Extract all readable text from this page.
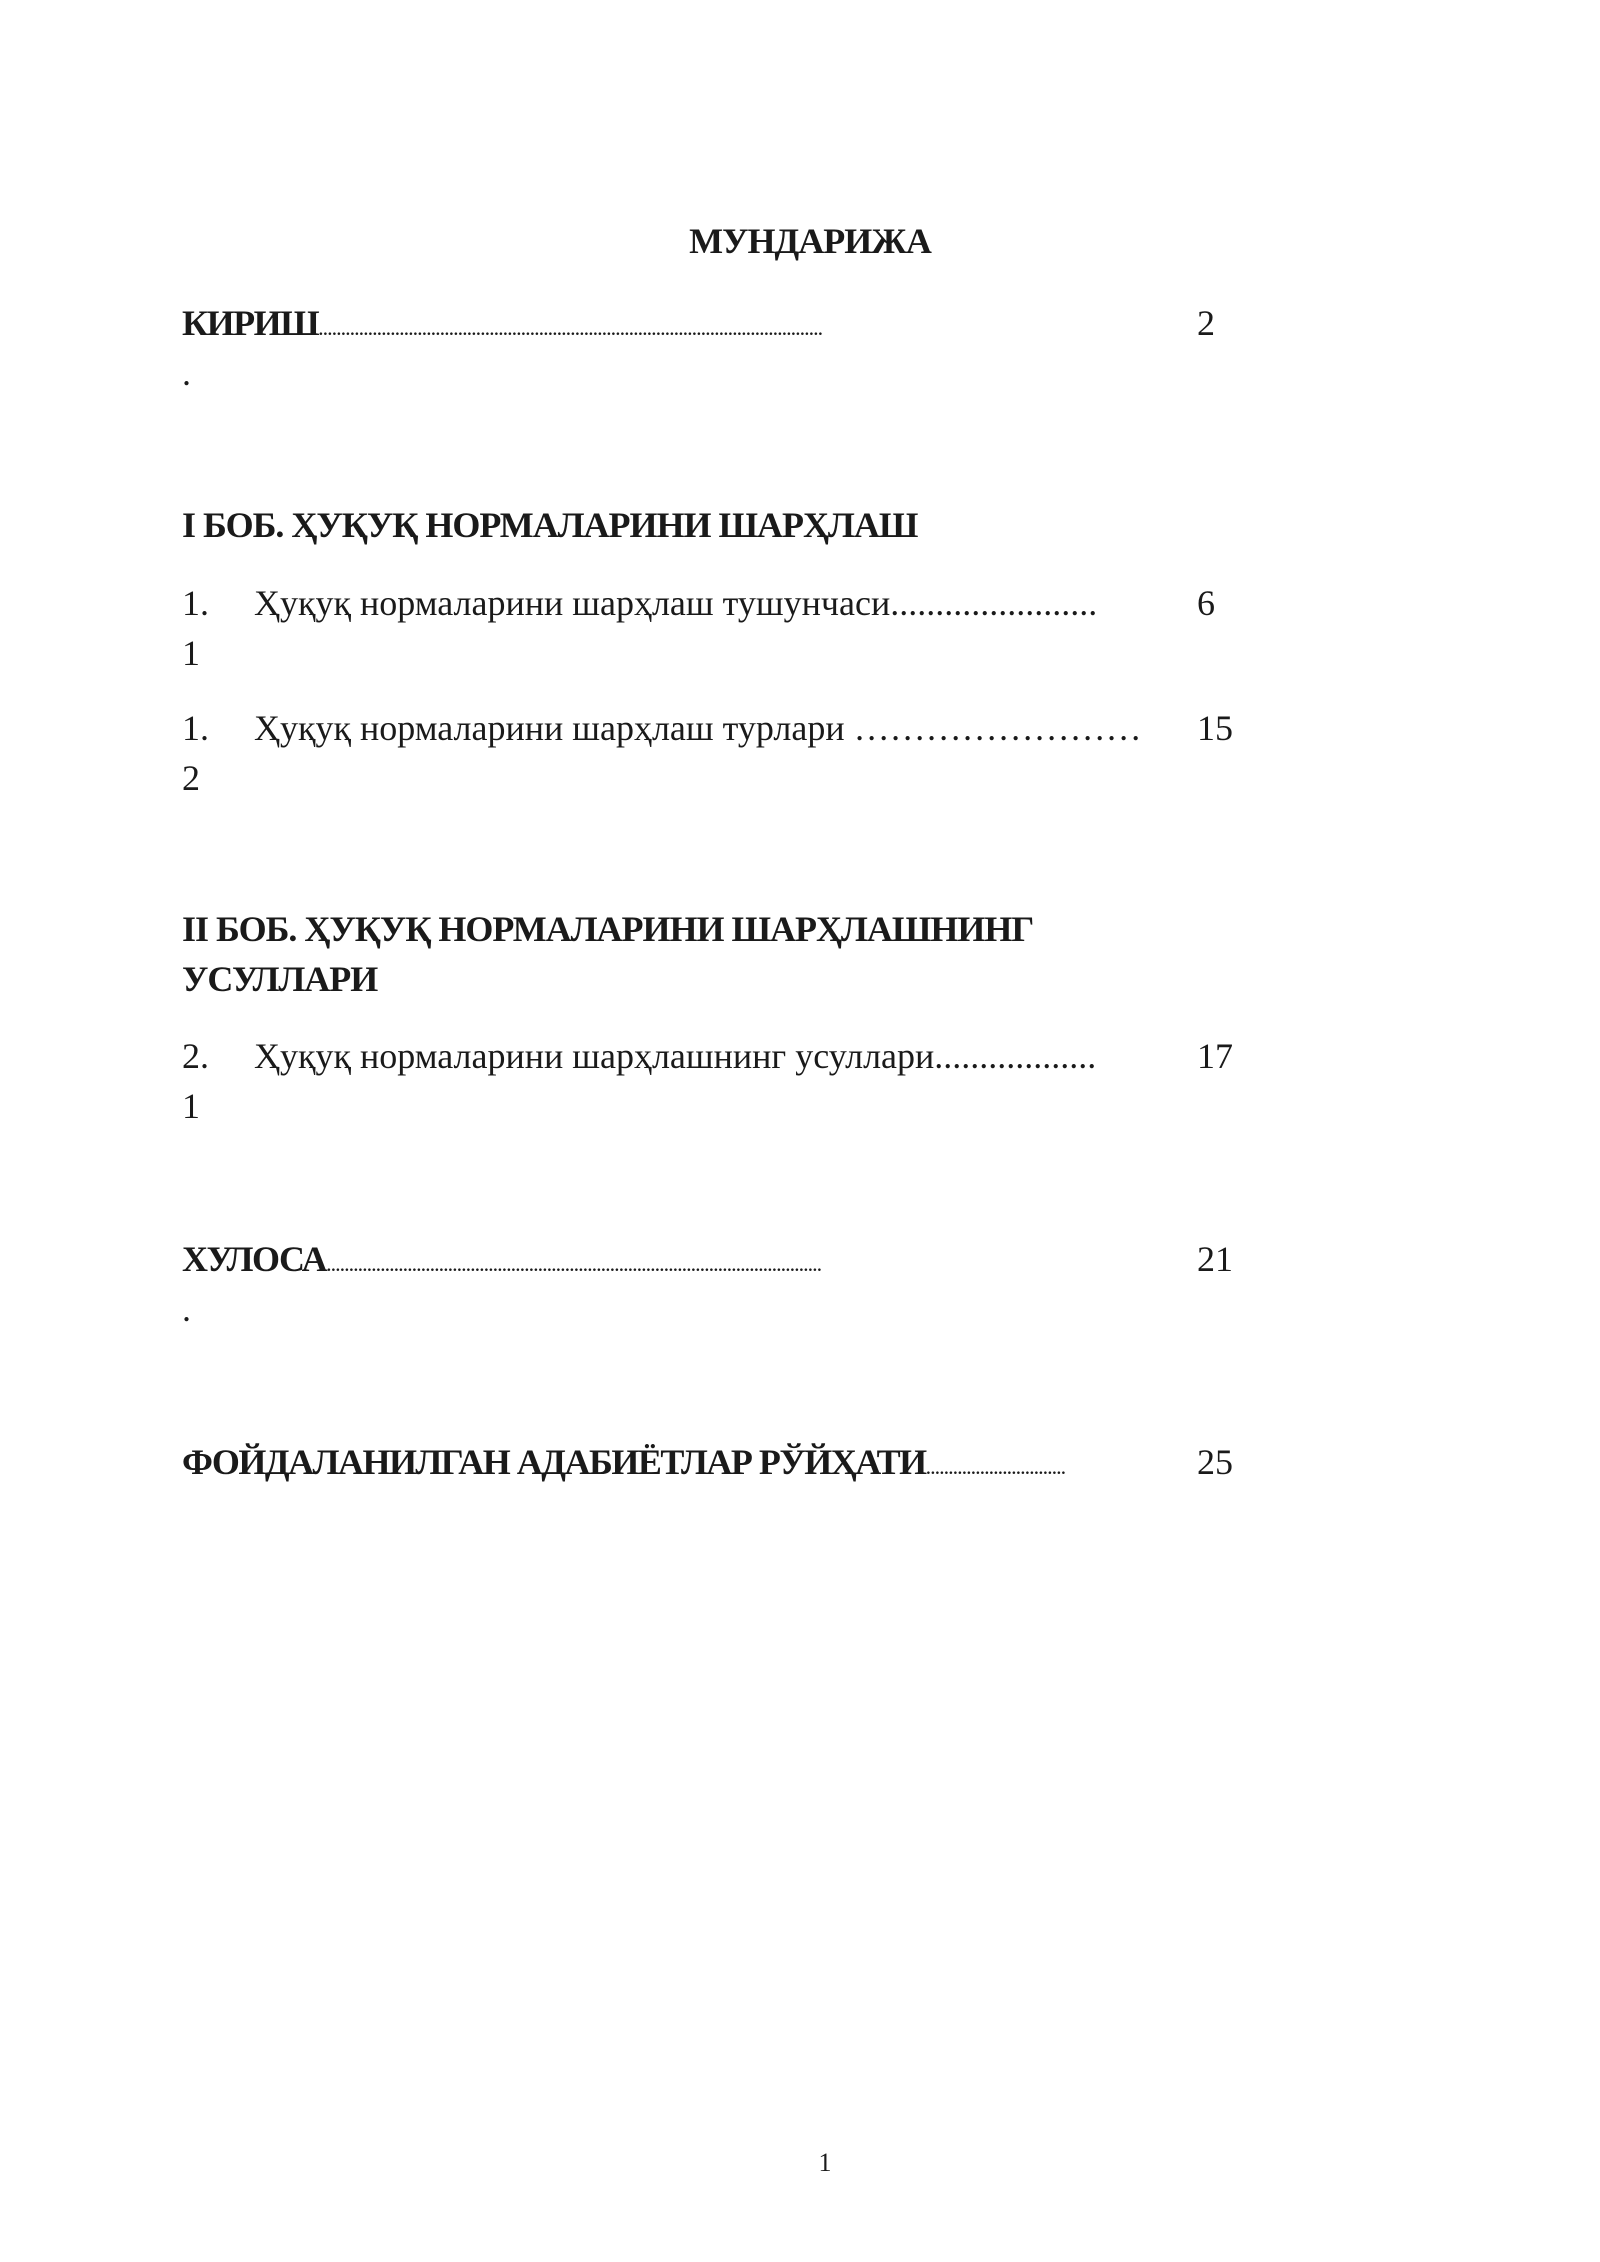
МУНДАРИЖА
КИРИШ................................................................................................................	2
.
I БОБ. ҲУҚУҚ НОРМАЛАРИНИ ШАРҲЛАШ
1. Ҳуқуқ нормаларини шарҳлаш тушунчаси.......................	6
1
1. Ҳуқуқ нормаларини шарҳлаш турлари …………………… 15
2
II БОБ. ҲУҚУҚ НОРМАЛАРИНИ ШАРҲЛАШНИНГ
УСУЛЛАРИ
2. Ҳуқуқ нормаларини шарҳлашнинг усуллари..................	17
1
ХУЛОСА..............................................................................................................	21
.
ФОЙДАЛАНИЛГАН АДАБИЁТЛАР РЎЙҲАТИ...............................	25
1
